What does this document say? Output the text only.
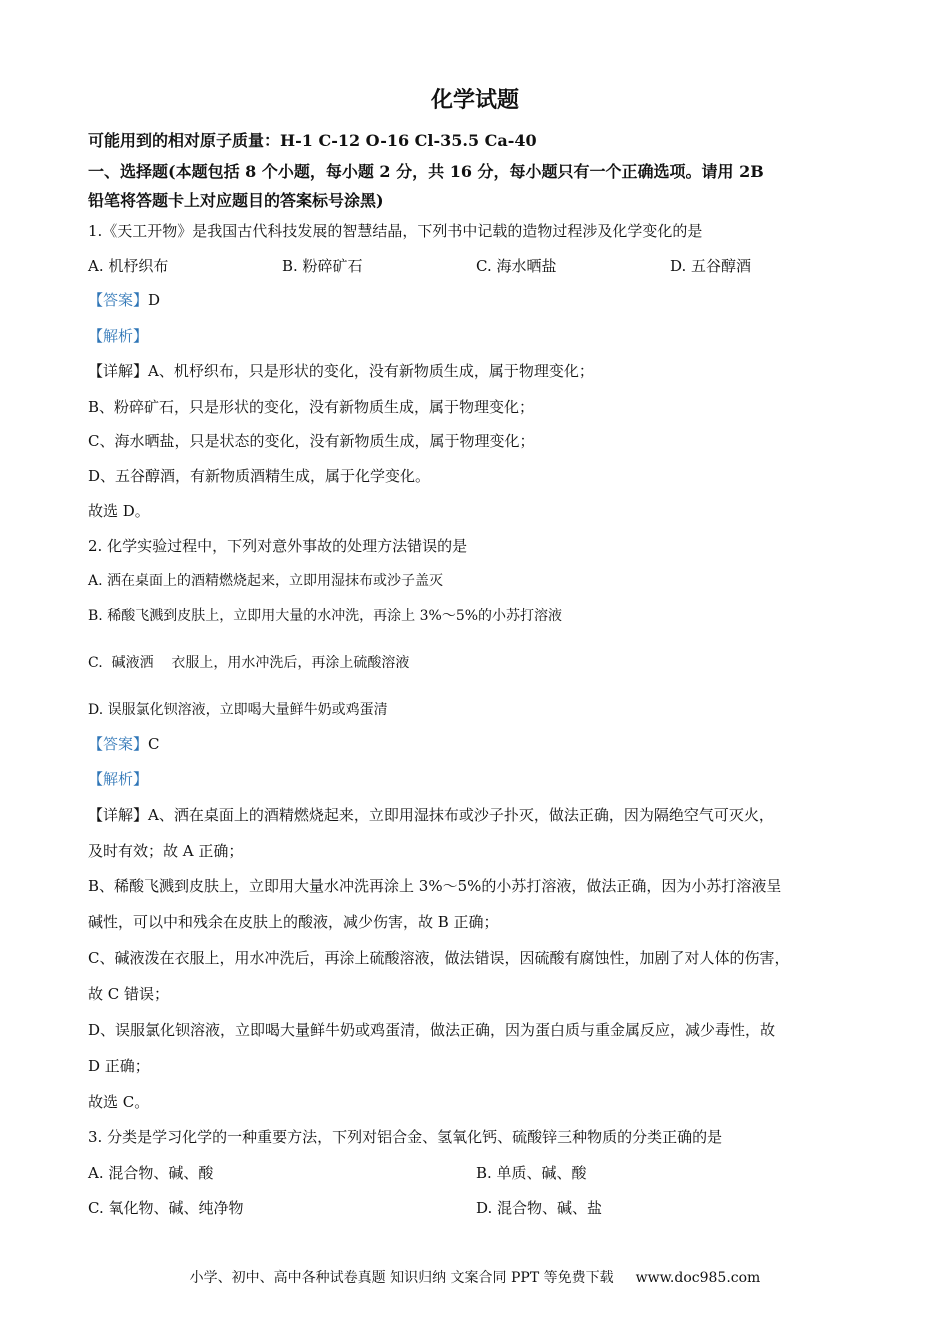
化学试题
可能用到的相对原子质量：H-1 C-12 O-16 Cl-35.5 Ca-40
一、选择题(本题包括 8 个小题，每小题 2 分，共 16 分，每小题只有一个正确选项。请用 2B
铅笔将答题卡上对应题目的答案标号涂黑)
1.《天工开物》是我国古代科技发展的智慧结晶，下列书中记载的造物过程涉及化学变化的是
A. 机杼织布	B. 粉碎矿石	C. 海水晒盐	D. 五谷醇酒
【答案】D
【解析】
【详解】A、机杼织布，只是形状的变化，没有新物质生成，属于物理变化；
B、粉碎矿石，只是形状的变化，没有新物质生成，属于物理变化；
C、海水晒盐，只是状态的变化，没有新物质生成，属于物理变化；
D、五谷醇酒，有新物质酒精生成，属于化学变化。
故选 D。
2. 化学实验过程中，下列对意外事故的处理方法错误的是
A. 洒在桌面上的酒精燃烧起来，立即用湿抹布或沙子盖灭
B. 稀酸飞溅到皮肤上，立即用大量的水冲洗，再涂上 3%～5%的小苏打溶液
C.  碱液洒    衣服上，用水冲洗后，再涂上硫酸溶液
D. 误服氯化钡溶液，立即喝大量鲜牛奶或鸡蛋清
【答案】C
【解析】
【详解】A、洒在桌面上的酒精燃烧起来，立即用湿抹布或沙子扑灭，做法正确，因为隔绝空气可灭火，
及时有效；故 A 正确；
B、稀酸飞溅到皮肤上，立即用大量水冲洗再涂上 3%～5%的小苏打溶液，做法正确，因为小苏打溶液呈
碱性，可以中和残余在皮肤上的酸液，减少伤害，故 B 正确；
C、碱液泼在衣服上，用水冲洗后，再涂上硫酸溶液，做法错误，因硫酸有腐蚀性，加剧了对人体的伤害，
故 C 错误；
D、误服氯化钡溶液，立即喝大量鲜牛奶或鸡蛋清，做法正确，因为蛋白质与重金属反应，减少毒性，故
D 正确；
故选 C。
3. 分类是学习化学的一种重要方法，下列对铝合金、氢氧化钙、硫酸锌三种物质的分类正确的是
A. 混合物、碱、酸	B. 单质、碱、酸
C. 氧化物、碱、纯净物	D. 混合物、碱、盐
小学、初中、高中各种试卷真题 知识归纳 文案合同 PPT 等免费下载 www.doc985.com
